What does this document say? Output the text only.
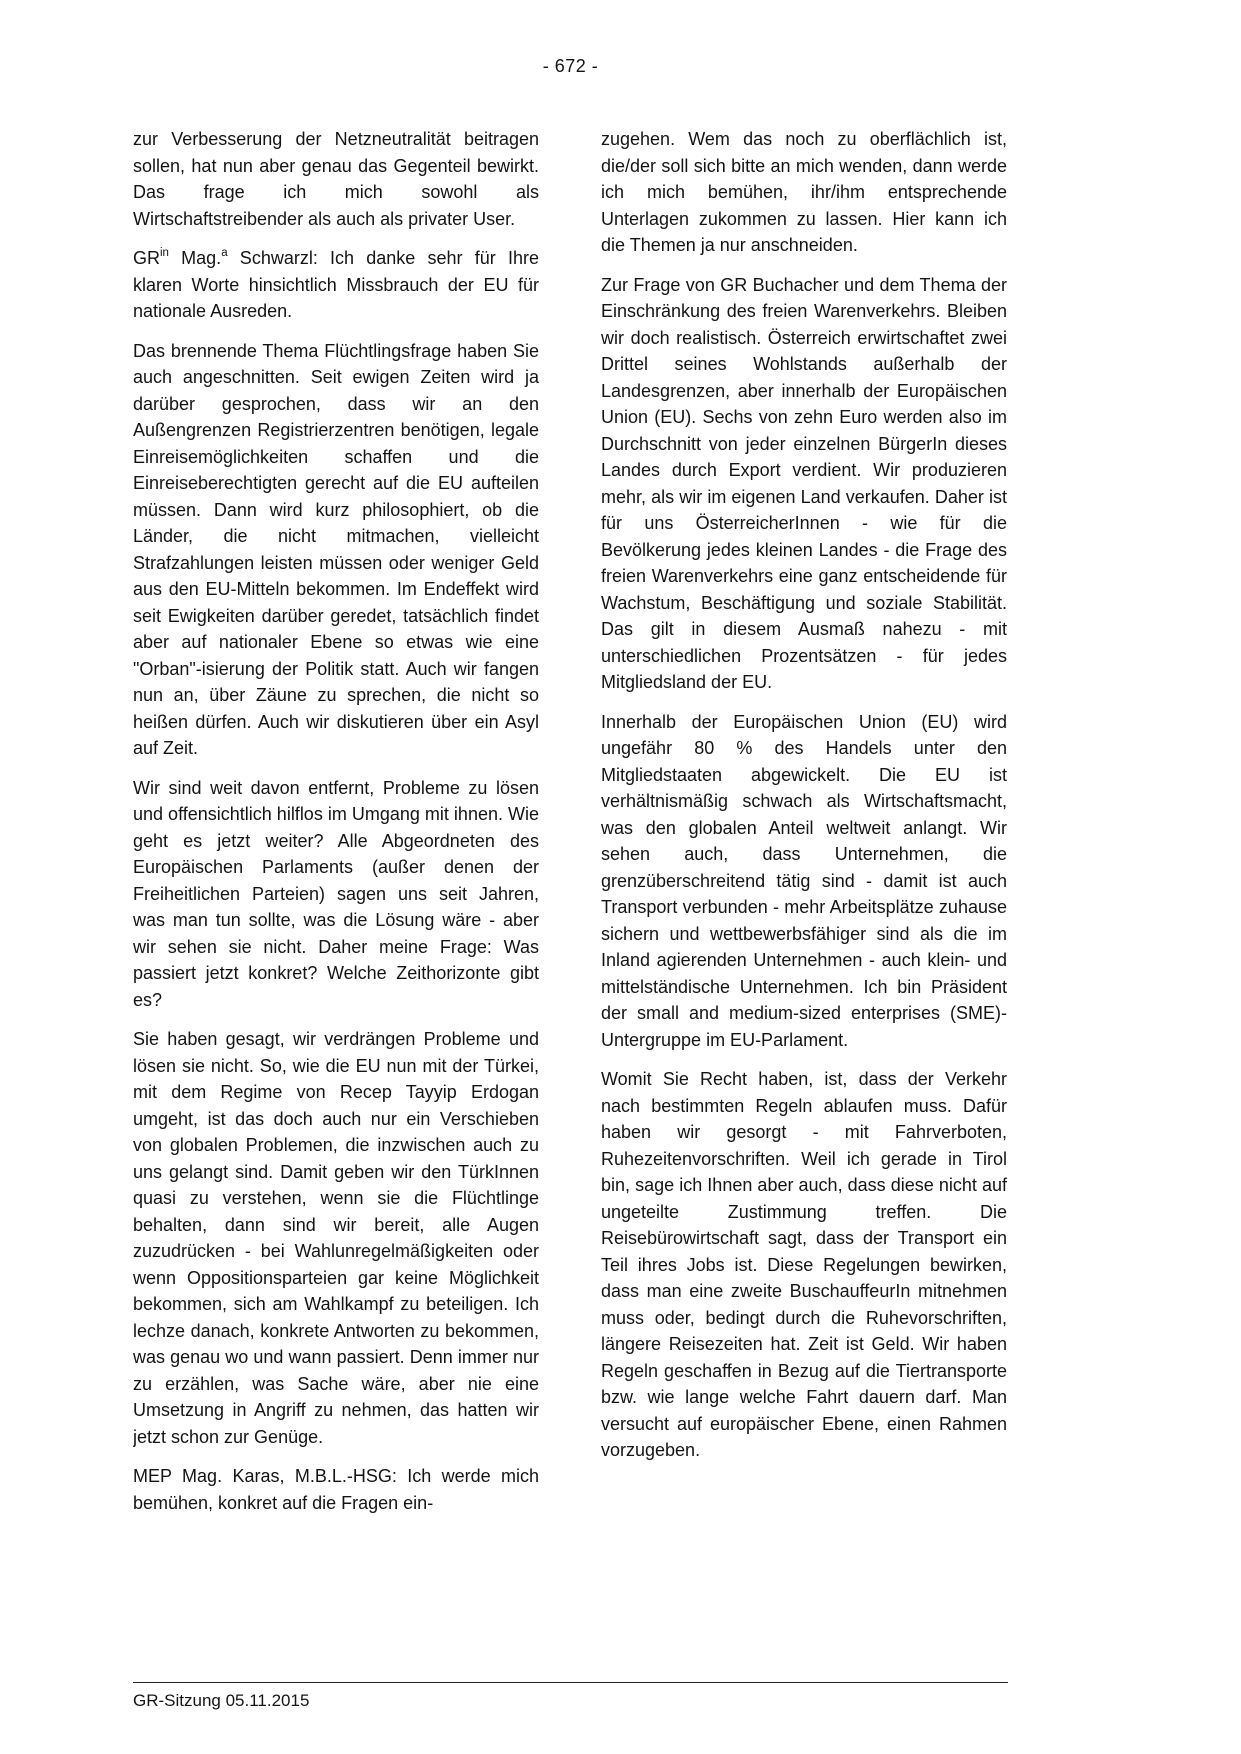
- 672 -

zur Verbesserung der Netzneutralität beitragen sollen, hat nun aber genau das Gegenteil bewirkt. Das frage ich mich sowohl als Wirtschaftstreibender als auch als privater User.

$GR^{in}$ Mag.$^a$ Schwarzl: Ich danke sehr für Ihre klaren Worte hinsichtlich Missbrauch der EU für nationale Ausreden.

Das brennende Thema Flüchtlingsfrage haben Sie auch angeschnitten. Seit ewigen Zeiten wird ja darüber gesprochen, dass wir an den Außengrenzen Registrierzentren benötigen, legale Einreisemöglichkeiten schaffen und die Einreiseberechtigten gerecht auf die EU aufteilen müssen. Dann wird kurz philosophiert, ob die Länder, die nicht mitmachen, vielleicht Strafzahlungen leisten müssen oder weniger Geld aus den EU-Mitteln bekommen. Im Endeffekt wird seit Ewigkeiten darüber geredet, tatsächlich findet aber auf nationaler Ebene so etwas wie eine "Orban"-isierung der Politik statt. Auch wir fangen nun an, über Zäune zu sprechen, die nicht so heißen dürfen. Auch wir diskutieren über ein Asyl auf Zeit.

Wir sind weit davon entfernt, Probleme zu lösen und offensichtlich hilflos im Umgang mit ihnen. Wie geht es jetzt weiter? Alle Abgeordneten des Europäischen Parlaments (außer denen der Freiheitlichen Parteien) sagen uns seit Jahren, was man tun sollte, was die Lösung wäre - aber wir sehen sie nicht. Daher meine Frage: Was passiert jetzt konkret? Welche Zeithorizonte gibt es?

Sie haben gesagt, wir verdrängen Probleme und lösen sie nicht. So, wie die EU nun mit der Türkei, mit dem Regime von Recep Tayyip Erdogan umgeht, ist das doch auch nur ein Verschieben von globalen Problemen, die inzwischen auch zu uns gelangt sind. Damit geben wir den TürkInnen quasi zu verstehen, wenn sie die Flüchtlinge behalten, dann sind wir bereit, alle Augen zuzudrücken - bei Wahlunregelmäßigkeiten oder wenn Oppositionsparteien gar keine Möglichkeit bekommen, sich am Wahlkampf zu beteiligen. Ich lechze danach, konkrete Antworten zu bekommen, was genau wo und wann passiert. Denn immer nur zu erzählen, was Sache wäre, aber nie eine Umsetzung in Angriff zu nehmen, das hatten wir jetzt schon zur Genüge.

MEP Mag. Karas, M.B.L.-HSG: Ich werde mich bemühen, konkret auf die Fragen ein-

zugehen. Wem das noch zu oberflächlich ist, die/der soll sich bitte an mich wenden, dann werde ich mich bemühen, ihr/ihm entsprechende Unterlagen zukommen zu lassen. Hier kann ich die Themen ja nur anschneiden.

Zur Frage von GR Buchacher und dem Thema der Einschränkung des freien Warenverkehrs. Bleiben wir doch realistisch. Österreich erwirtschaftet zwei Drittel seines Wohlstands außerhalb der Landesgrenzen, aber innerhalb der Europäischen Union (EU). Sechs von zehn Euro werden also im Durchschnitt von jeder einzelnen BürgerIn dieses Landes durch Export verdient. Wir produzieren mehr, als wir im eigenen Land verkaufen. Daher ist für uns ÖsterreicherInnen - wie für die Bevölkerung jedes kleinen Landes - die Frage des freien Warenverkehrs eine ganz entscheidende für Wachstum, Beschäftigung und soziale Stabilität. Das gilt in diesem Ausmaß nahezu - mit unterschiedlichen Prozentsätzen - für jedes Mitgliedsland der EU.

Innerhalb der Europäischen Union (EU) wird ungefähr 80 % des Handels unter den Mitgliedstaaten abgewickelt. Die EU ist verhältnismäßig schwach als Wirtschaftsmacht, was den globalen Anteil weltweit anlangt. Wir sehen auch, dass Unternehmen, die grenzüberschreitend tätig sind - damit ist auch Transport verbunden - mehr Arbeitsplätze zuhause sichern und wettbewerbsfähiger sind als die im Inland agierenden Unternehmen - auch klein- und mittelständische Unternehmen. Ich bin Präsident der small and medium-sized enterprises (SME)-Untergruppe im EU-Parlament.

Womit Sie Recht haben, ist, dass der Verkehr nach bestimmten Regeln ablaufen muss. Dafür haben wir gesorgt - mit Fahrverboten, Ruhezeitenvorschriften. Weil ich gerade in Tirol bin, sage ich Ihnen aber auch, dass diese nicht auf ungeteilte Zustimmung treffen. Die Reisebürowirtschaft sagt, dass der Transport ein Teil ihres Jobs ist. Diese Regelungen bewirken, dass man eine zweite BuschauffeurIn mitnehmen muss oder, bedingt durch die Ruhevorschriften, längere Reisezeiten hat. Zeit ist Geld. Wir haben Regeln geschaffen in Bezug auf die Tiertransporte bzw. wie lange welche Fahrt dauern darf. Man versucht auf europäischer Ebene, einen Rahmen vorzugeben.

GR-Sitzung 05.11.2015
